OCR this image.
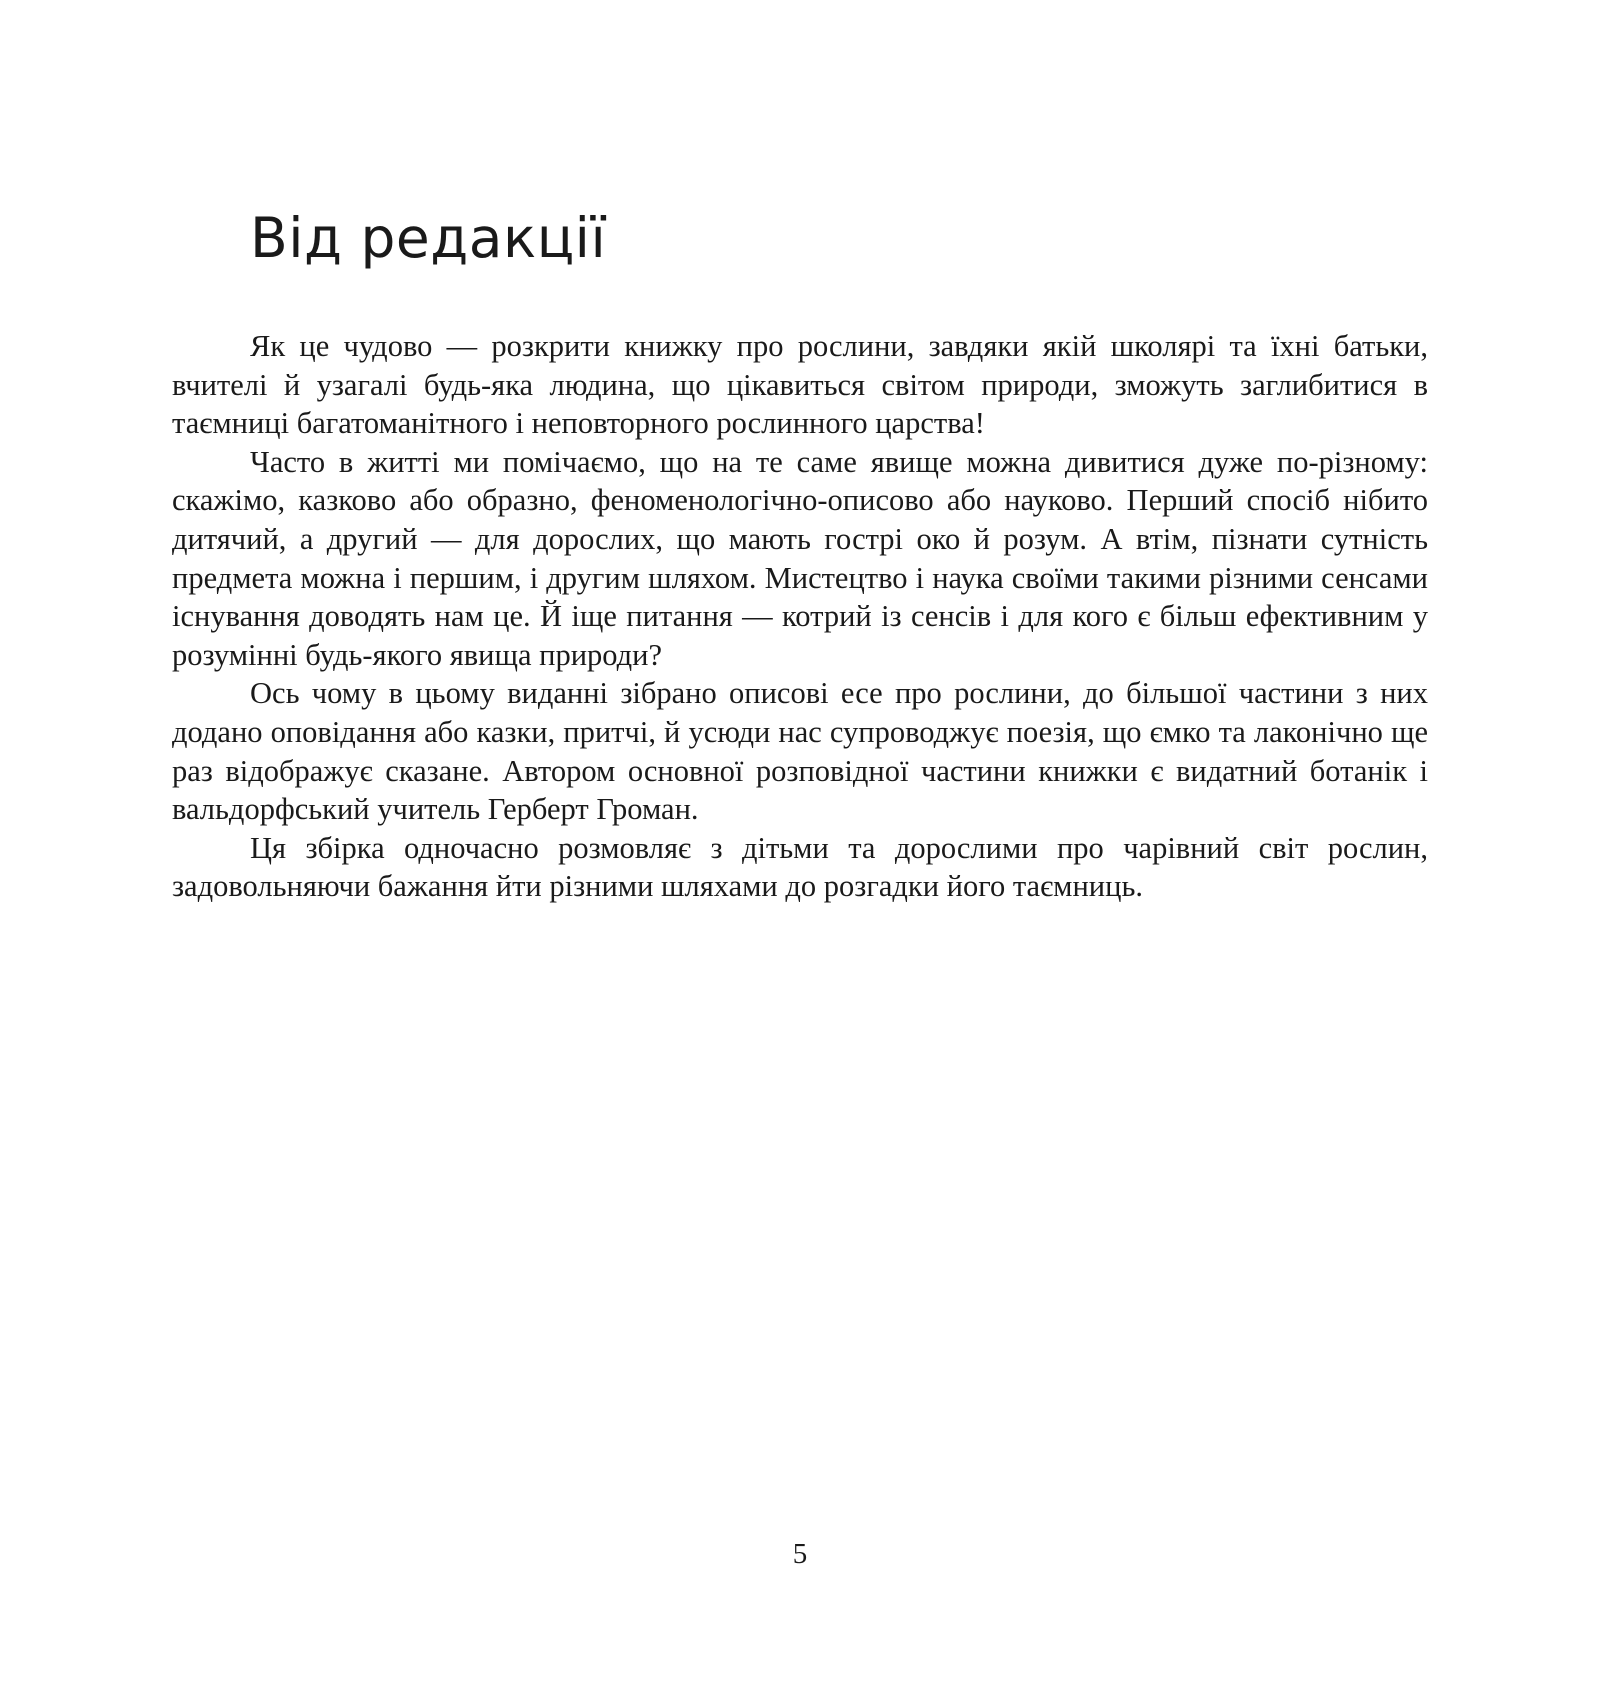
Від редакції

Як це чудово — розкрити книжку про рослини, завдяки якій школярі та їхні батьки, вчителі й узагалі будь-яка людина, що цікавиться світом природи, зможуть заглибитися в таємниці багатоманітного і неповторного рослинного царства!

Часто в житті ми помічаємо, що на те саме явище можна дивитися дуже по-різному: скажімо, казково або образно, феноменологічно-описово або науково. Перший спосіб нібито дитячий, а другий — для дорослих, що мають гострі око й розум. А втім, пізнати сутність предмета можна і першим, і другим шляхом. Мистецтво і наука своїми такими різними сенсами існування доводять нам це. Й іще питання — котрий із сенсів і для кого є більш ефективним у розумінні будь-якого явища природи?

Ось чому в цьому виданні зібрано описові есе про рослини, до більшої частини з них додано оповідання або казки, притчі, й усюди нас супроводжує поезія, що ємко та лаконічно ще раз відображує сказане. Автором основної розповідної частини книжки є видатний ботанік і вальдорфський учитель Герберт Громан.

Ця збірка одночасно розмовляє з дітьми та дорослими про чарівний світ рослин, задовольняючи бажання йти різними шляхами до розгадки його таємниць.

5
